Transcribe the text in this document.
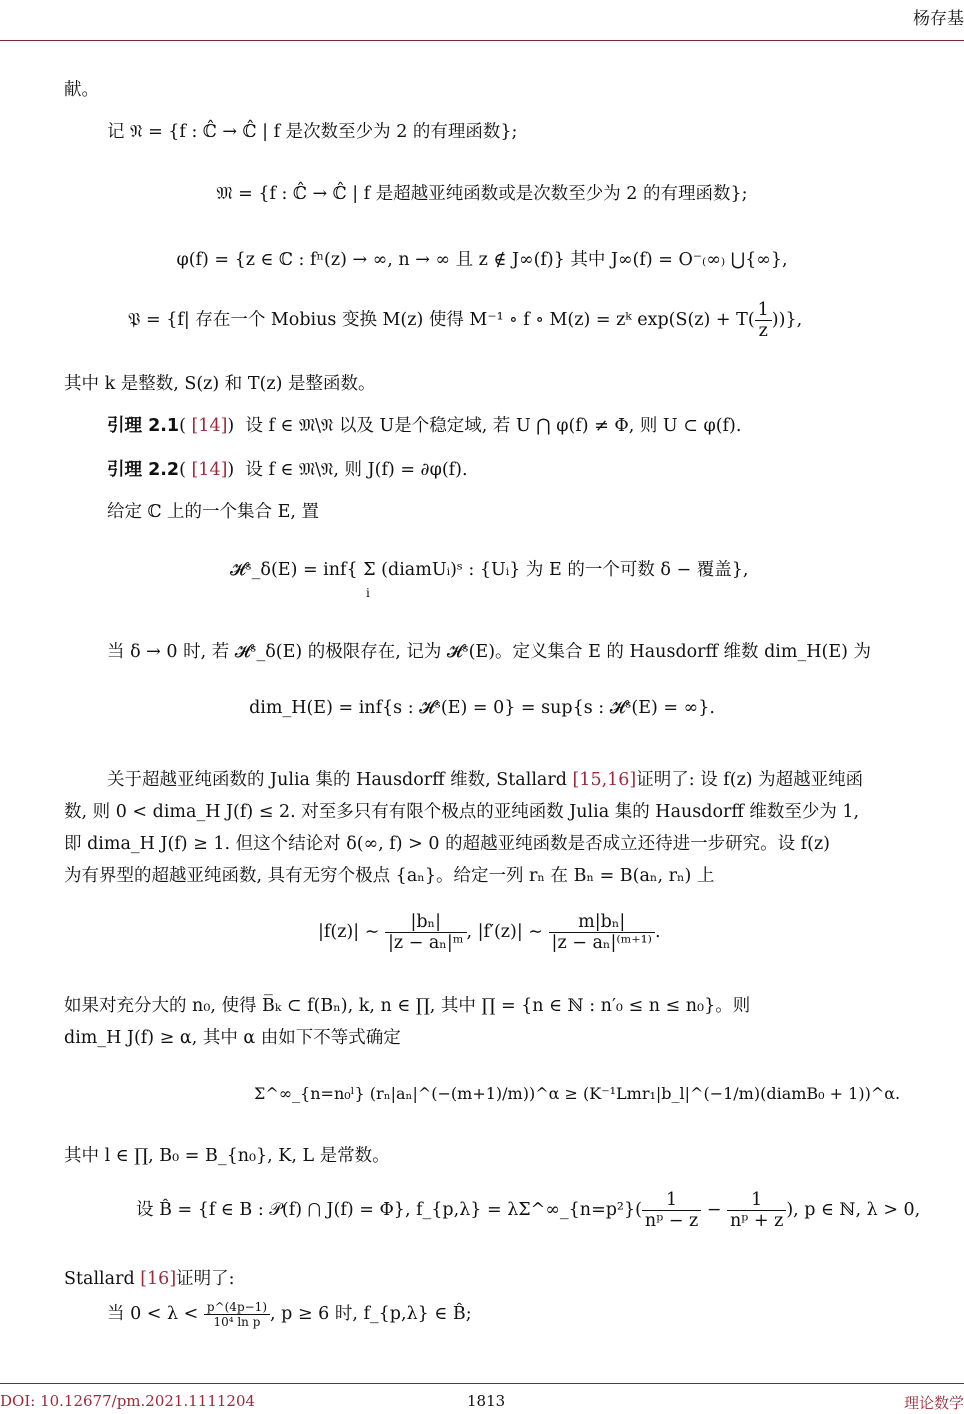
杨存基
献。
记 𝔑 = {f : ℂ̂ → ℂ̂ | f 是次数至少为 2 的有理函数};
𝔐 = {f : ℂ̂ → ℂ̂ | f 是超越亚纯函数或是次数至少为 2 的有理函数};
φ(f) = {z ∈ ℂ : fⁿ(z) → ∞, n → ∞ 且 z ∉ J∞(f)} 其中 J∞(f) = O⁻₍∞₎ ⋃{∞},
𝔓 = {f| 存在一个 Mobius 变换 M(z) 使得 M⁻¹ ∘ f ∘ M(z) = zᵏ $\exp(S(z) + T( \frac{1}{z}$ ))},
其中 k 是整数, S(z) 和 T(z) 是整函数。
引理 2.1( [14])  设 f ∈ 𝔐\𝔑 以及 U是个稳定域, 若 U ⋂ φ(f) ≠ Φ, 则 U ⊂ φ(f).
引理 2.2( [14])  设 f ∈ 𝔐\𝔑, 则 J(f) = ∂φ(f).
给定 ℂ 上的一个集合 E, 置
𝓗ˢ_δ(E) = inf{ Σ (diamUᵢ)ˢ : {Uᵢ} 为 E 的一个可数 δ − 覆盖},
i
当 δ → 0 时, 若 𝓗ˢ_δ(E) 的极限存在, 记为 𝓗ˢ(E)。定义集合 E 的 Hausdorff 维数 dim_H(E) 为
dim_H(E) = inf{s : 𝓗ˢ(E) = 0} = sup{s : 𝓗ˢ(E) = ∞}.
关于超越亚纯函数的 Julia 集的 Hausdorff 维数, Stallard [15,16]证明了: 设 f(z) 为超越亚纯函
数, 则 0 < dima_H J(f) ≤ 2. 对至多只有有限个极点的亚纯函数 Julia 集的 Hausdorff 维数至少为 1,
即 dima_H J(f) ≥ 1. 但这个结论对 δ(∞, f) > 0 的超越亚纯函数是否成立还待进一步研究。设 f(z)
为有界型的超越亚纯函数, 具有无穷个极点 {aₙ}。给定一列 rₙ 在 Bₙ = B(aₙ, rₙ) 上
|f(z)| ∼ $\frac{\text{|bₙ|}}{\text{|z − aₙ|ᵐ}}$ , |f′(z)| ∼ $\frac{\text{m|bₙ|}}{\text{|z − aₙ|⁽ᵐ⁺¹⁾}}$ .
如果对充分大的 n₀, 使得 B̅ₖ ⊂ f(Bₙ), k, n ∈ ∏, 其中 ∏ = {n ∈ ℕ : n′₀ ≤ n ≤ n₀}。则
dim_H J(f) ≥ α, 其中 α 由如下不等式确定
Σ^∞_{n=n₀ˡ} (rₙ|aₙ|^(−(m+1)/m))^α ≥ (K⁻¹Lmr₁|b_l|^(−1/m)(diamB₀ + 1))^α.
其中 l ∈ ∏, B₀ = B_{n₀}, K, L 是常数。
设 B̂ = {f ∈ B : 𝒫(f) ⋂ J(f) = Φ}, f_{p,λ} = λΣ^∞_{n=p²}( $\frac{1}{\text{nᵖ − z}} - \frac{1}{\text{nᵖ + z}}$ ), p ∈ ℕ, λ > 0,
Stallard [16]证明了:
当 $0 < \lambda < \frac{p\^{}(4p-1)}{\text{10⁴ ln p}}$ , p ≥ 6 时, f_{p,λ} ∈ B̂;
DOI: 10.12677/pm.2021.1111204	1813	理论数学
